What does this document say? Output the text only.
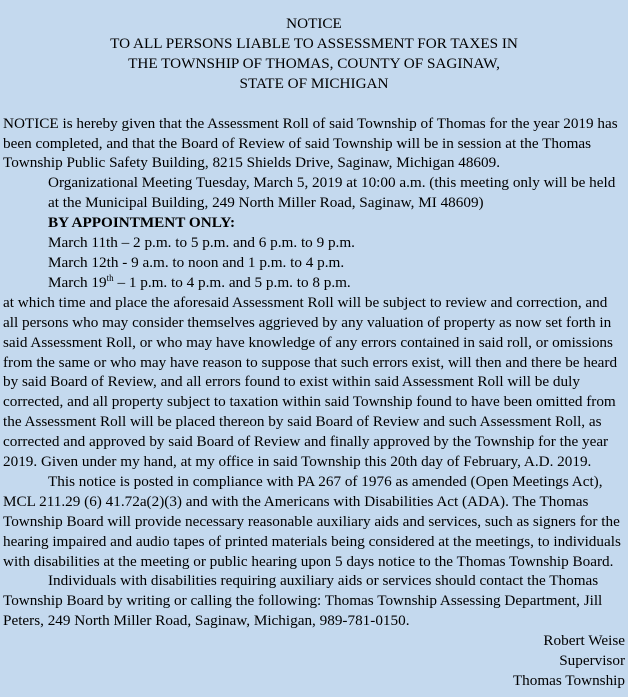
NOTICE
TO ALL PERSONS LIABLE TO ASSESSMENT FOR TAXES IN
THE TOWNSHIP OF THOMAS, COUNTY OF SAGINAW,
STATE OF MICHIGAN

NOTICE is hereby given that the Assessment Roll of said Township of Thomas for the year 2019 has been completed, and that the Board of Review of said Township will be in session at the Thomas Township Public Safety Building, 8215 Shields Drive, Saginaw, Michigan 48609.

Organizational Meeting Tuesday, March 5, 2019 at 10:00 a.m. (this meeting only will be held at the Municipal Building, 249 North Miller Road, Saginaw, MI 48609)

BY APPOINTMENT ONLY:

March 11th – 2 p.m. to 5 p.m. and 6 p.m. to 9 p.m.

March 12th - 9 a.m. to noon and 1 p.m. to 4 p.m.

March 19th – 1 p.m. to 4 p.m. and 5 p.m. to 8 p.m.

at which time and place the aforesaid Assessment Roll will be subject to review and correction, and all persons who may consider themselves aggrieved by any valuation of property as now set forth in said Assessment Roll, or who may have knowledge of any errors contained in said roll, or omissions from the same or who may have reason to suppose that such errors exist, will then and there be heard by said Board of Review, and all errors found to exist within said Assessment Roll will be duly corrected, and all property subject to taxation within said Township found to have been omitted from the Assessment Roll will be placed thereon by said Board of Review and such Assessment Roll, as corrected and approved by said Board of Review and finally approved by the Township for the year 2019. Given under my hand, at my office in said Township this 20th day of February, A.D. 2019.

This notice is posted in compliance with PA 267 of 1976 as amended (Open Meetings Act), MCL 211.29 (6) 41.72a(2)(3) and with the Americans with Disabilities Act (ADA). The Thomas Township Board will provide necessary reasonable auxiliary aids and services, such as signers for the hearing impaired and audio tapes of printed materials being considered at the meetings, to individuals with disabilities at the meeting or public hearing upon 5 days notice to the Thomas Township Board.

Individuals with disabilities requiring auxiliary aids or services should contact the Thomas Township Board by writing or calling the following: Thomas Township Assessing Department, Jill Peters, 249 North Miller Road, Saginaw, Michigan, 989-781-0150.

Robert Weise
Supervisor
Thomas Township
